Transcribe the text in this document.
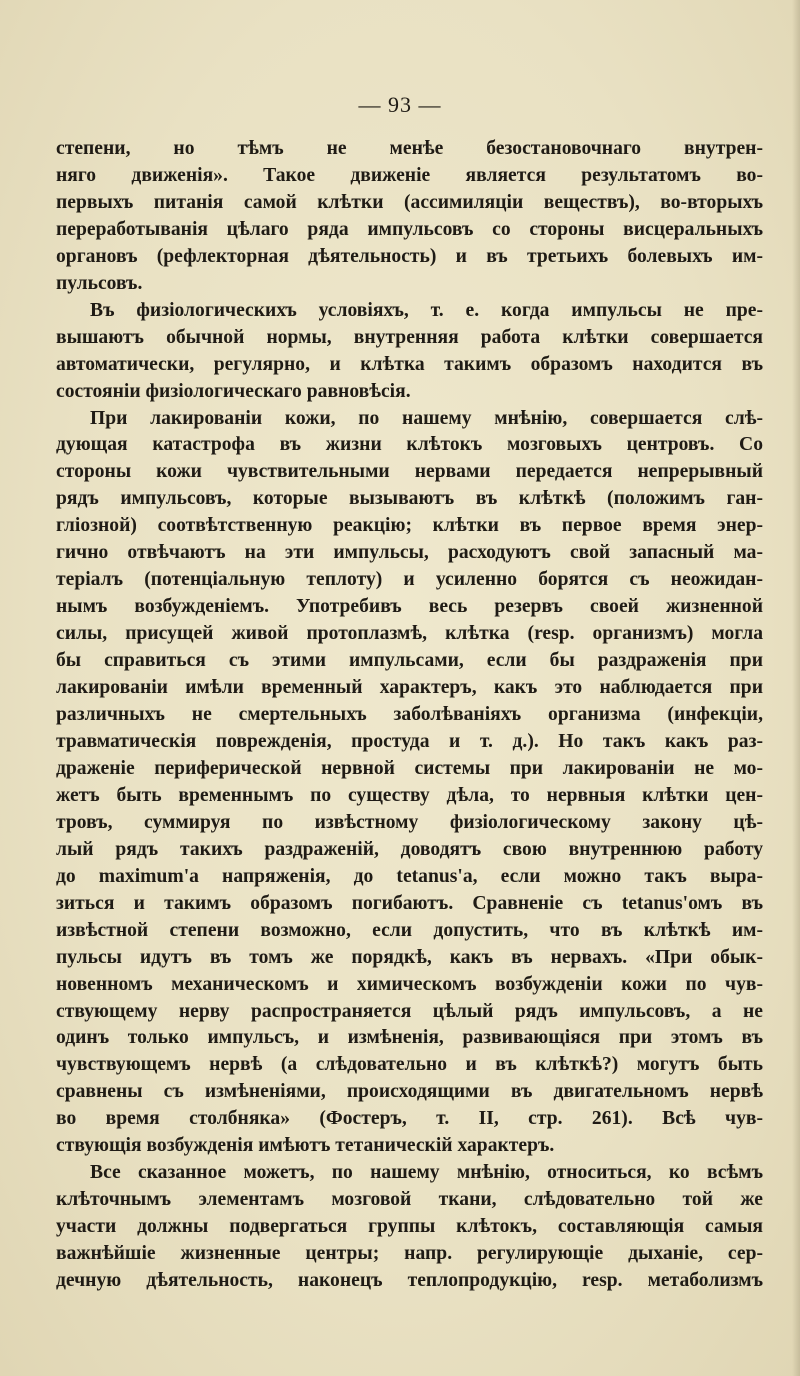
— 93 —
степени, но тѣмъ не менѣе безостановочнаго внутрен-
няго движенія». Такое движеніе является результатомъ во-
первыхъ питанія самой клѣтки (ассимиляціи веществъ), во-вторыхъ
переработыванія цѣлаго ряда импульсовъ со стороны висцеральныхъ
органовъ (рефлекторная дѣятельность) и въ третьихъ болевыхъ им-
пульсовъ.
Въ физіологическихъ условіяхъ, т. е. когда импульсы не пре-
вышаютъ обычной нормы, внутренняя работа клѣтки совершается
автоматически, регулярно, и клѣтка такимъ образомъ находится въ
состояніи физіологическаго равновѣсія.
При лакированіи кожи, по нашему мнѣнію, совершается слѣ-
дующая катастрофа въ жизни клѣтокъ мозговыхъ центровъ. Со
стороны кожи чувствительными нервами передается непрерывный
рядъ импульсовъ, которые вызываютъ въ клѣткѣ (положимъ ган-
гліозной) соотвѣтственную реакцію; клѣтки въ первое время энер-
гично отвѣчаютъ на эти импульсы, расходуютъ свой запасный ма-
теріалъ (потенціальную теплоту) и усиленно борятся съ неожидан-
нымъ возбужденіемъ. Употребивъ весь резервъ своей жизненной
силы, присущей живой протоплазмѣ, клѣтка (resp. организмъ) могла
бы справиться съ этими импульсами, если бы раздраженія при
лакированіи имѣли временный характеръ, какъ это наблюдается при
различныхъ не смертельныхъ заболѣваніяхъ организма (инфекціи,
травматическія поврежденія, простуда и т. д.). Но такъ какъ раз-
драженіе периферической нервной системы при лакированіи не мо-
жетъ быть временнымъ по существу дѣла, то нервныя клѣтки цен-
тровъ, суммируя по извѣстному физіологическому закону цѣ-
лый рядъ такихъ раздраженій, доводятъ свою внутреннюю работу
до maximum'a напряженія, до tetanus'a, если можно такъ выра-
зиться и такимъ образомъ погибаютъ. Сравненіе съ tetanus'омъ въ
извѣстной степени возможно, если допустить, что въ клѣткѣ им-
пульсы идутъ въ томъ же порядкѣ, какъ въ нервахъ. «При обык-
новенномъ механическомъ и химическомъ возбужденіи кожи по чув-
ствующему нерву распространяется цѣлый рядъ импульсовъ, а не
одинъ только импульсъ, и измѣненія, развивающіяся при этомъ въ
чувствующемъ нервѣ (а слѣдовательно и въ клѣткѣ?) могутъ быть
сравнены съ измѣненіями, происходящими въ двигательномъ нервѣ
во время столбняка» (Фостеръ, т. II, стр. 261). Всѣ чув-
ствующія возбужденія имѣютъ тетаническій характеръ.
Все сказанное можетъ, по нашему мнѣнію, относиться, ко всѣмъ
клѣточнымъ элементамъ мозговой ткани, слѣдовательно той же
участи должны подвергаться группы клѣтокъ, составляющія самыя
важнѣйшіе жизненные центры; напр. регулирующіе дыханіе, сер-
дечную дѣятельность, наконецъ теплопродукцію, resp. метаболизмъ
